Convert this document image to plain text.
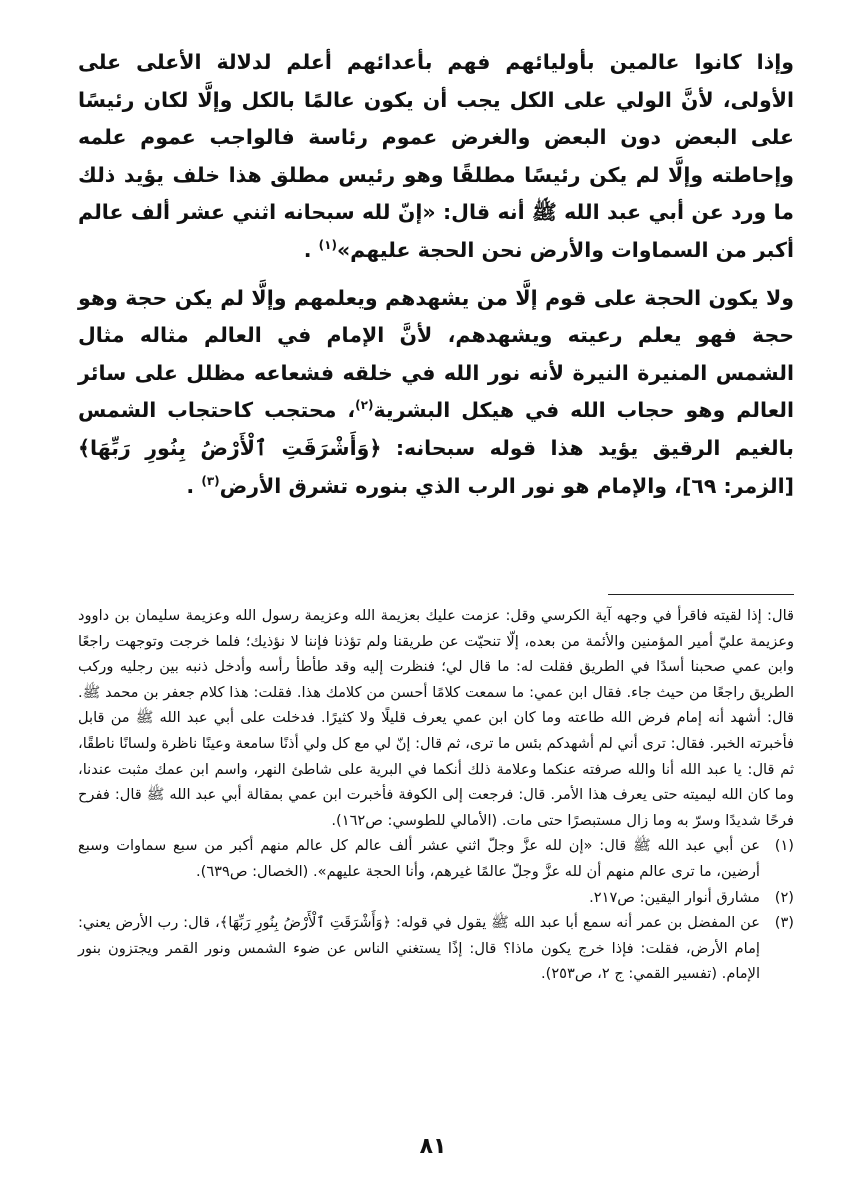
وإذا كانوا عالمين بأوليائهم فهم بأعدائهم أعلم لدلالة الأعلى على الأولى، لأنَّ الولي على الكل يجب أن يكون عالمًا بالكل وإلَّا لكان رئيسًا على البعض دون البعض والغرض عموم رئاسة فالواجب عموم علمه وإحاطته وإلَّا لم يكن رئيسًا مطلقًا وهو رئيس مطلق هذا خلف يؤيد ذلك ما ورد عن أبي عبد الله ﷺ أنه قال: «إنّ لله سبحانه اثني عشر ألف عالم أكبر من السماوات والأرض نحن الحجة عليهم»$^{(١)}$ .

ولا يكون الحجة على قوم إلَّا من يشهدهم ويعلمهم وإلَّا لم يكن حجة وهو حجة فهو يعلم رعيته ويشهدهم، لأنَّ الإمام في العالم مثاله مثال الشمس المنيرة النيرة لأنه نور الله في خلقه فشعاعه مظلل على سائر العالم وهو حجاب الله في هيكل البشرية$^{(٢)}$، محتجب كاحتجاب الشمس بالغيم الرقيق يؤيد هذا قوله سبحانه: ﴿وَأَشْرَقَتِ ٱلْأَرْضُ بِنُورِ رَبِّهَا﴾ [الزمر: ٦٩]، والإمام هو نور الرب الذي بنوره تشرق الأرض$^{(٣)}$ .

قال: إذا لقيته فاقرأ في وجهه آية الكرسي وقل: عزمت عليك بعزيمة الله وعزيمة رسول الله وعزيمة سليمان بن داوود وعزيمة عليّ أمير المؤمنين والأئمة من بعده، إلّا تنحيّت عن طريقنا ولم تؤذنا فإننا لا نؤذيك؛ فلما خرجت وتوجهت راجعًا وابن عمي صحبنا أسدًا في الطريق فقلت له: ما قال لي؛ فنظرت إليه وقد طأطأ رأسه وأدخل ذنبه بين رجليه وركب الطريق راجعًا من حيث جاء. فقال ابن عمي: ما سمعت كلامًا أحسن من كلامك هذا. فقلت: هذا كلام جعفر بن محمد ﷺ. قال: أشهد أنه إمام فرض الله طاعته وما كان ابن عمي يعرف قليلًا ولا كثيرًا. فدخلت على أبي عبد الله ﷺ من قابل فأخبرته الخبر. فقال: ترى أني لم أشهدكم بئس ما ترى، ثم قال: إنّ لي مع كل ولي أذنًا سامعة وعينًا ناظرة ولسانًا ناطقًا، ثم قال: يا عبد الله أنا والله صرفته عنكما وعلامة ذلك أنكما في البرية على شاطئ النهر، واسم ابن عمك مثبت عندنا، وما كان الله ليميته حتى يعرف هذا الأمر. قال: فرجعت إلى الكوفة فأخبرت ابن عمي بمقالة أبي عبد الله ﷺ قال: ففرح فرحًا شديدًا وسرّ به وما زال مستبصرًا حتى مات. (الأمالي للطوسي: ص١٦٢).

(١)
عن أبي عبد الله ﷺ قال: «إن لله عزَّ وجلّ اثني عشر ألف عالم كل عالم منهم أكبر من سبع سماوات وسبع أرضين، ما ترى عالم منهم أن لله عزَّ وجلّ عالمًا غيرهم، وأنا الحجة عليهم». (الخصال: ص٦٣٩).
(٢)
مشارق أنوار اليقين: ص٢١٧.
(٣)
عن المفضل بن عمر أنه سمع أبا عبد الله ﷺ يقول في قوله: ﴿وَأَشْرَقَتِ ٱلْأَرْضُ بِنُورِ رَبِّهَا﴾، قال: رب الأرض يعني: إمام الأرض، فقلت: فإذا خرج يكون ماذا؟ قال: إذًا يستغني الناس عن ضوء الشمس ونور القمر ويجتزون بنور الإمام. (تفسير القمي: ج ٢، ص٢٥٣).
٨١
